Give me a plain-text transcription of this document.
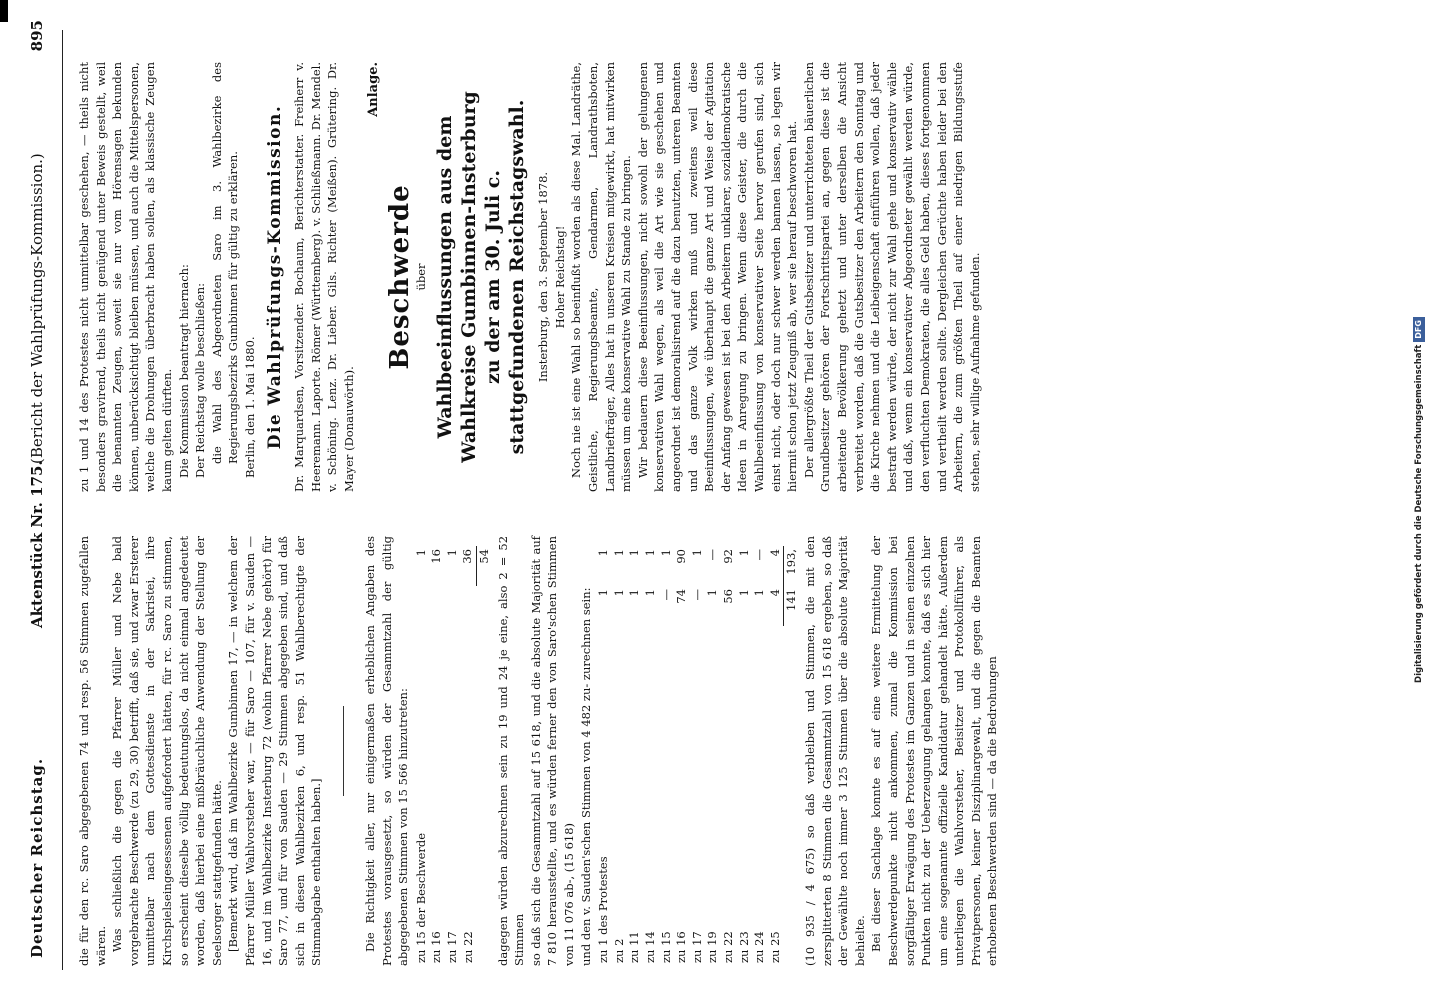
Deutscher Reichstag.
Aktenstück Nr. 175.
(Bericht der Wahlprüfungs-Kommission.)
895

die für den rc. Saro abgegebenen 74 und resp. 56 Stimmen zugefallen wären. Was schließlich die gegen die Pfarrer Müller und Nebe bald vorgebrachte Beschwerde (zu 29, 30) betrifft, daß sie, und zwar Ersterer unmittelbar nach dem Gottesdienste in der Sakristei, ihre Kirchspielseingesessenen aufgefordert hätten, für rc. Saro zu stimmen, so erscheint dieselbe völlig bedeutungslos, da nicht einmal angedeutet worden, daß hierbei eine mißbräuchliche Anwendung der Stellung der Seelsorger stattgefunden hätte. [Bemerkt wird, daß im Wahlbezirke Gumbinnen 17, — in welchem der Pfarrer Müller Wahlvorsteher war, — für Saro — 107, für v. Sauden — 16, und im Wahlbezirke Insterburg 72 (wohin Pfarrer Nebe gehört) für Saro 77, und für von Sauden — 29 Stimmen abgegeben sind, und daß sich in diesen Wahlbezirken 6, und resp. 51 Wahlberechtigte der Stimmabgabe enthalten haben.]	Die Richtigkeit aller, nur einigermaßen erheblichen Angaben des Protestes vorausgesetzt, so würden der Gesammtzahl der gültig abgegebenen Stimmen von 15 566 hinzutreten:

zu 15 der Beschwerde	1
zu 16	16
zu 17	1
zu 22	36
	54

dagegen würden abzurechnen sein zu 19 und 24 je eine, also 2 = 52 Stimmen so daß sich die Gesammtzahl auf 15 618, und die absolute Majorität auf 7 810 herausstellte, und es würden ferner den von Saro'schen Stimmen von 11 076 ab-, (15 618) und den v. Sauden'schen Stimmen von 4 482 zu- zurechnen sein:

zu 1 des Protestes	1	1
zu 2	1	1
zu 11	1	1
zu 14	1	1
zu 15	—	1
zu 16	74	90
zu 17	—	1
zu 19	1	—
zu 22	56	92
zu 23	1	1
zu 24	1	—
zu 25	4	4
	141	193,

(10 935 / 4 675) so daß verbleiben und Stimmen, die mit den zersplitterten 8 Stimmen die Gesammtzahl von 15 618 ergeben, so daß der Gewählte noch immer 3 125 Stimmen über die absolute Majorität behielte. Bei dieser Sachlage konnte es auf eine weitere Ermittelung der Beschwerdepunkte nicht ankommen, zumal die Kommission bei sorgfältiger Erwägung des Protestes im Ganzen und in seinen einzelnen Punkten nicht zu der Ueberzeugung gelangen konnte, daß es sich hier um eine sogenannte offizielle Kandidatur gehandelt hätte. Außerdem unterliegen die Wahlvorsteher, Beisitzer und Protokollführer, als Privatpersonen, keiner Disziplinargewalt, und die gegen die Beamten erhobenen Beschwerden sind — da die Bedrohungen

zu 1 und 14 des Protestes nicht unmittelbar geschehen, — theils nicht besonders gravirend, theils nicht genügend unter Beweis gestellt, weil die benannten Zeugen, soweit sie nur vom Hörensagen bekunden können, unberücksichtigt bleiben müssen, und auch die Mittelspersonen, welche die Drohungen überbracht haben sollen, als klassische Zeugen kaum gelten dürften. Die Kommission beantragt hiernach: Der Reichstag wolle beschließen: die Wahl des Abgeordneten Saro im 3. Wahlbezirke des Regierungsbezirks Gumbinnen für gültig zu erklären. Berlin, den 1. Mai 1880. Die Wahlprüfungs-Kommission. Dr. Marquardsen, Vorsitzender. Bochaum, Berichterstatter. Freiherr v. Heeremann. Laporte. Römer (Württemberg). v. Schließmann. Dr. Mendel. v. Schöning. Lenz. Dr. Lieber. Gils. Richter (Meißen). Grütering. Dr. Mayer (Donauwörth).

Anlage.
Beschwerde

über Wahlbeeinflussungen aus dem Wahlkreise Gumbinnen-Insterburg zu der am 30. Juli c. stattgefundenen Reichstagswahl. Insterburg, den 3. September 1878. Hoher Reichstag! Noch nie ist eine Wahl so beeinflußt worden als diese Mal. Landräthe, Geistliche, Regierungsbeamte, Gendarmen, Landrathsboten, Landbriefträger, Alles hat in unseren Kreisen mitgewirkt, hat mitwirken müssen um eine konservative Wahl zu Stande zu bringen. Wir bedauern diese Beeinflussungen, nicht sowohl der gelungenen konservativen Wahl wegen, als weil die Art wie sie geschehen und angeordnet ist demoralisirend auf die dazu benutzten, unteren Beamten und das ganze Volk wirken muß und zweitens weil diese Beeinflussungen, wie überhaupt die ganze Art und Weise der Agitation der Anfang gewesen ist bei den Arbeitern unklarer, sozialdemokratische Ideen in Anregung zu bringen. Wenn diese Geister, die durch die Wahlbeeinflussung von konservativer Seite hervor gerufen sind, sich einst nicht, oder doch nur schwer werden bannen lassen, so legen wir hiermit schon jetzt Zeugniß ab, wer sie herauf beschworen hat. Der allergrößte Theil der Gutsbesitzer und unterrichteten bäuerlichen Grundbesitzer gehören der Fortschrittspartei an, gegen diese ist die arbeitende Bevölkerung gehetzt und unter derselben die Ansicht verbreitet worden, daß die Gutsbesitzer den Arbeitern den Sonntag und die Kirche nehmen und die Leibeigenschaft einführen wollen, daß jeder bestraft werden würde, der nicht zur Wahl gehe und konservativ wähle und daß, wenn ein konservativer Abgeordneter gewählt werden würde, den verfluchten Demokraten, die alles Geld haben, dieses fortgenommen und vertheilt werden sollte. Dergleichen Gerüchte haben leider bei den Arbeitern, die zum größten Theil auf einer niedrigen Bildungsstufe stehen, sehr willige Aufnahme gefunden.	Digitalisierung gefördert durch die Deutsche ForschungsgemeinschaftDFG
